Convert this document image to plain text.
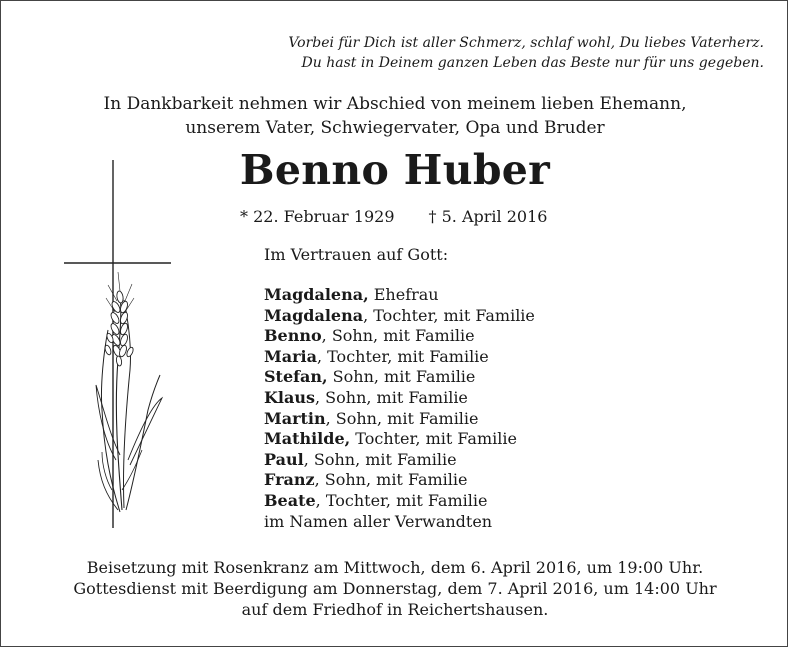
Vorbei für Dich ist aller Schmerz, schlaf wohl, Du liebes Vaterherz.
Du hast in Deinem ganzen Leben das Beste nur für uns gegeben.
In Dankbarkeit nehmen wir Abschied von meinem lieben Ehemann,
unserem Vater, Schwiegervater, Opa und Bruder
Benno Huber
* 22. Februar 1929 † 5. April 2016
Im Vertrauen auf Gott:
Magdalena, Ehefrau
Magdalena, Tochter, mit Familie
Benno, Sohn, mit Familie
Maria, Tochter, mit Familie
Stefan, Sohn, mit Familie
Klaus, Sohn, mit Familie
Martin, Sohn, mit Familie
Mathilde, Tochter, mit Familie
Paul, Sohn, mit Familie
Franz, Sohn, mit Familie
Beate, Tochter, mit Familie
im Namen aller Verwandten
Beisetzung mit Rosenkranz am Mittwoch, dem 6. April 2016, um 19:00 Uhr.
Gottesdienst mit Beerdigung am Donnerstag, dem 7. April 2016, um 14:00 Uhr
auf dem Friedhof in Reichertshausen.
